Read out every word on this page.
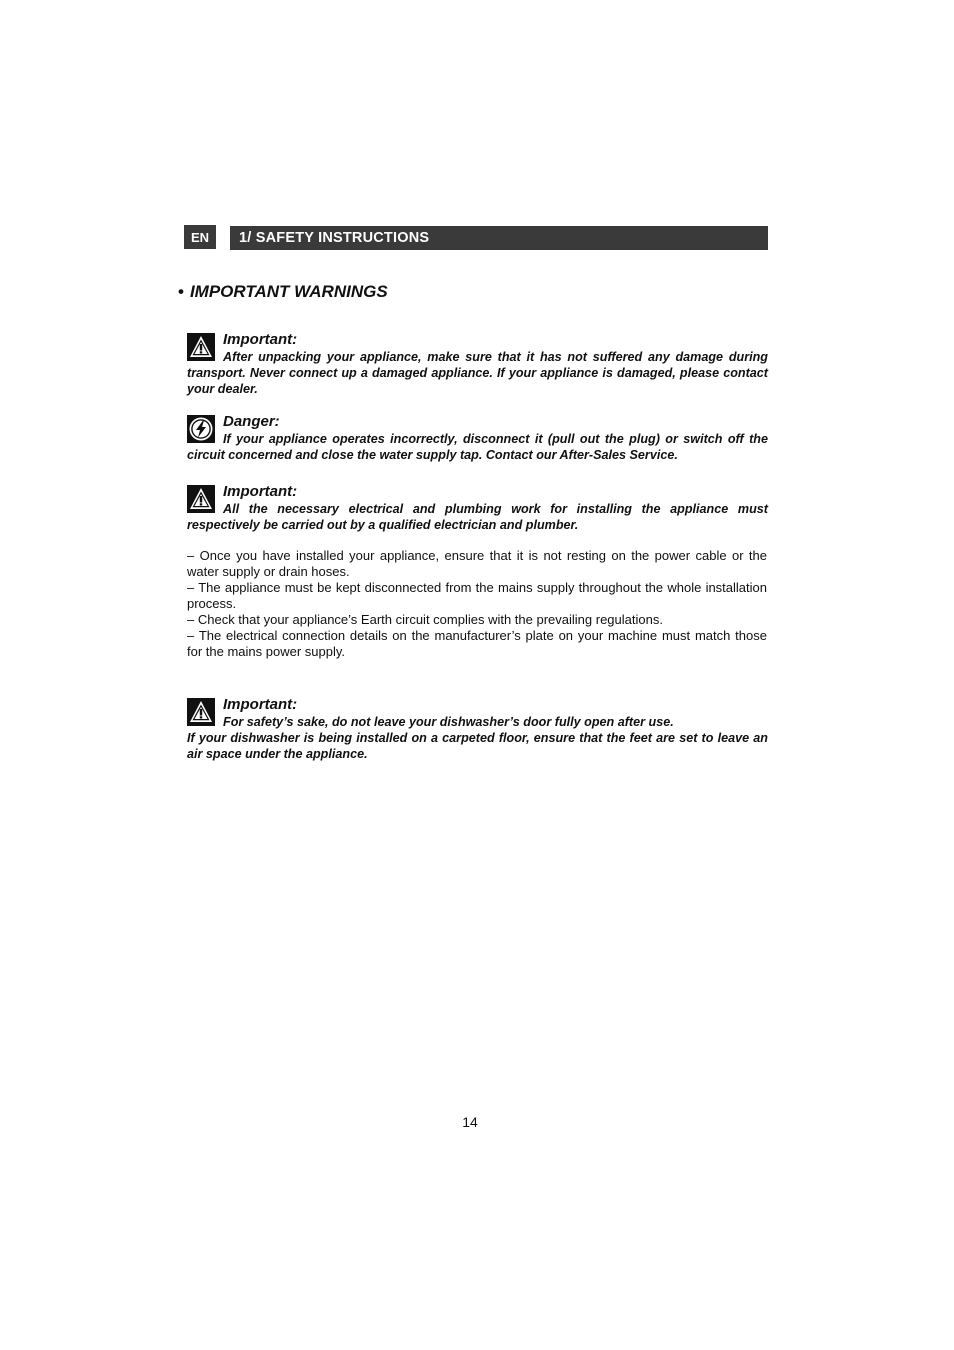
EN	1/ SAFETY INSTRUCTIONS
• IMPORTANT WARNINGS
Important:

After unpacking your appliance, make sure that it has not suffered any damage during transport. Never connect up a damaged appliance. If your appliance is damaged, please contact your dealer.

Danger:

If your appliance operates incorrectly, disconnect it (pull out the plug) or switch off the circuit concerned and close the water supply tap. Contact our After-Sales Service.

Important:

All the necessary electrical and plumbing work for installing the appliance must respectively be carried out by a qualified electrician and plumber.

– Once you have installed your appliance, ensure that it is not resting on the power cable or the water supply or drain hoses.

– The appliance must be kept disconnected from the mains supply throughout the whole installation process.

– Check that your appliance’s Earth circuit complies with the prevailing regulations.

– The electrical connection details on the manufacturer’s plate on your machine must match those for the mains power supply.

Important:

For safety’s sake, do not leave your dishwasher’s door fully open after use.

If your dishwasher is being installed on a carpeted floor, ensure that the feet are set to leave an air space under the appliance.

14
